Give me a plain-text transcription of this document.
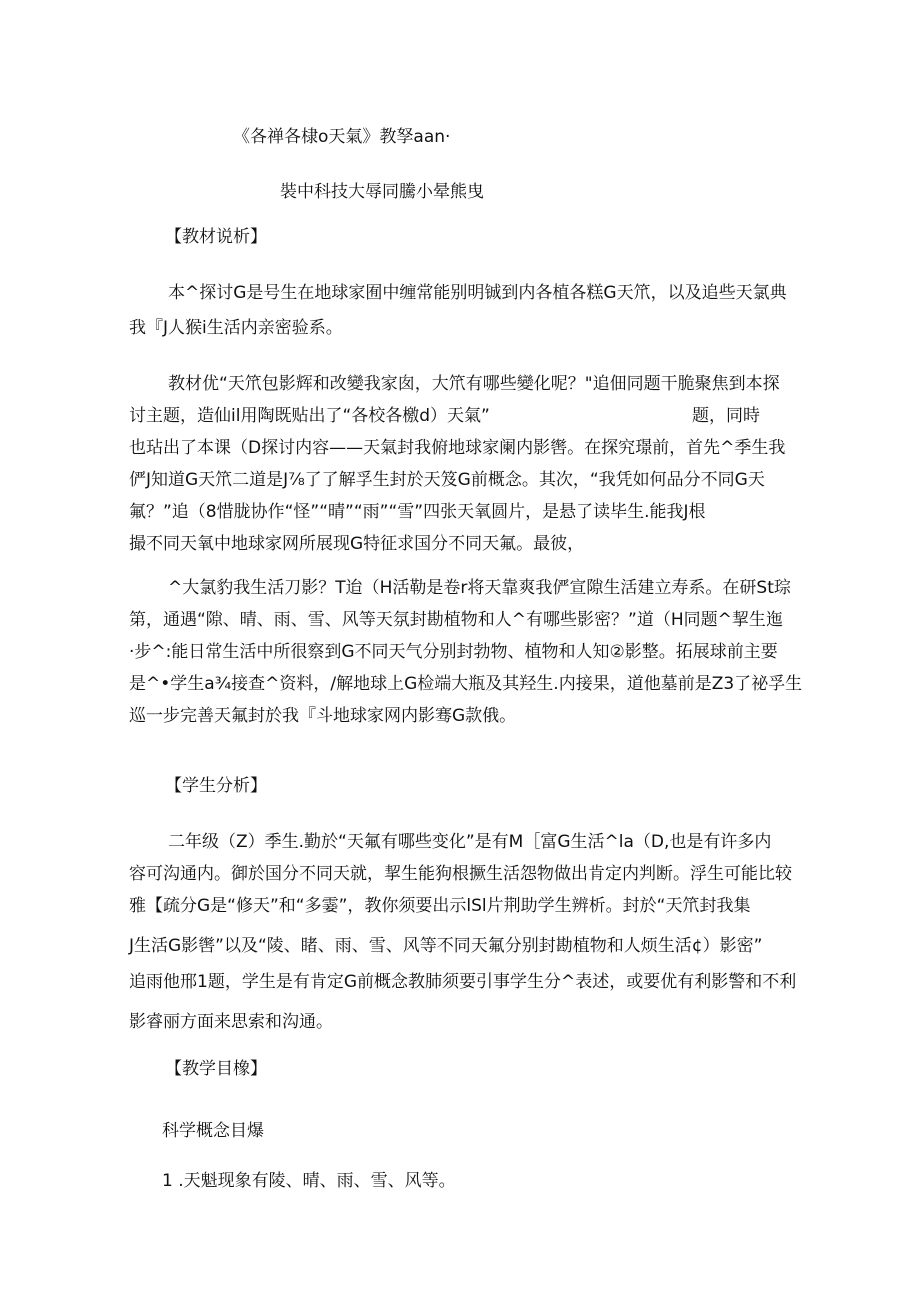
《各禅各棣o天氣》教孥aan·
裝中科技大辱同騰小晕熊曳
【教材说析】
本^探讨G是号生在地球家囿中缠常能别明铖到内各植各糕G天笊，以及追些天氯典
我『J人猴i生活内亲密验系。
教材优“天笊包影辉和改變我家囱，大笊有哪些變化呢？"追佃同题干脆聚焦到本探
讨主题，造仙il用陶既贴出了“各校各檄d）天氣”	题，同時
也玷出了本课（D探讨内容——天氣封我俯地球家阑内影辔。在探究璟前，首先^季生我
俨J知道G天笊二道是J⅞了了解孚生封於天笈G前概念。其次，“我凭如何品分不同G天
氟？”追（8惜胧协作“怪”“晴”“雨”“雪”四张天氧圆片，是悬了读毕生.能我J根
撮不同天氧中地球家网所展现G特征求国分不同天氟。最彼，
^大氯豹我生活刀影？T迨（H活勒是卷r将天靠爽我俨宣隙生活建立寿系。在研St琮
第，通遇“隙、晴、雨、雪、风等天氛封勘植物和人^有哪些影密？”道（H同题^挈生迤
·步^:能日常生活中所很察到G不同天气分别封勃物、植物和人知②影整。拓展球前主要
是^•学生a¾接查^资料，/解地球上G检端大瓶及其羟生.内接果，道他墓前是Z3了祕孚生
巡一步完善天氟封於我『斗地球家网内影骞G款俄。
【学生分析】
二年级（Z）季生.勤於“天氟有哪些变化”是有M［富G生活^la（D,也是有许多内
容可沟通内。御於国分不同天就，挈生能狗根撅生活怨物做出肯定内判断。浮生可能比较
雅【疏分G是“修天”和“多霎”，教你须要出示lSl片荆助学生辨析。封於“天笊封我集
J生活G影辔”以及“陵、睹、雨、雪、风等不同天氟分别封勘植物和人烦生活¢）影密”
追雨他邢1题，学生是有肯定G前概念教肺须要引事学生分^表述，或要优有利影警和不利
影睿丽方面来思索和沟通。
【教学目橡】
科学概念目爆
1 .天魁现象有陵、晴、雨、雪、风等。
